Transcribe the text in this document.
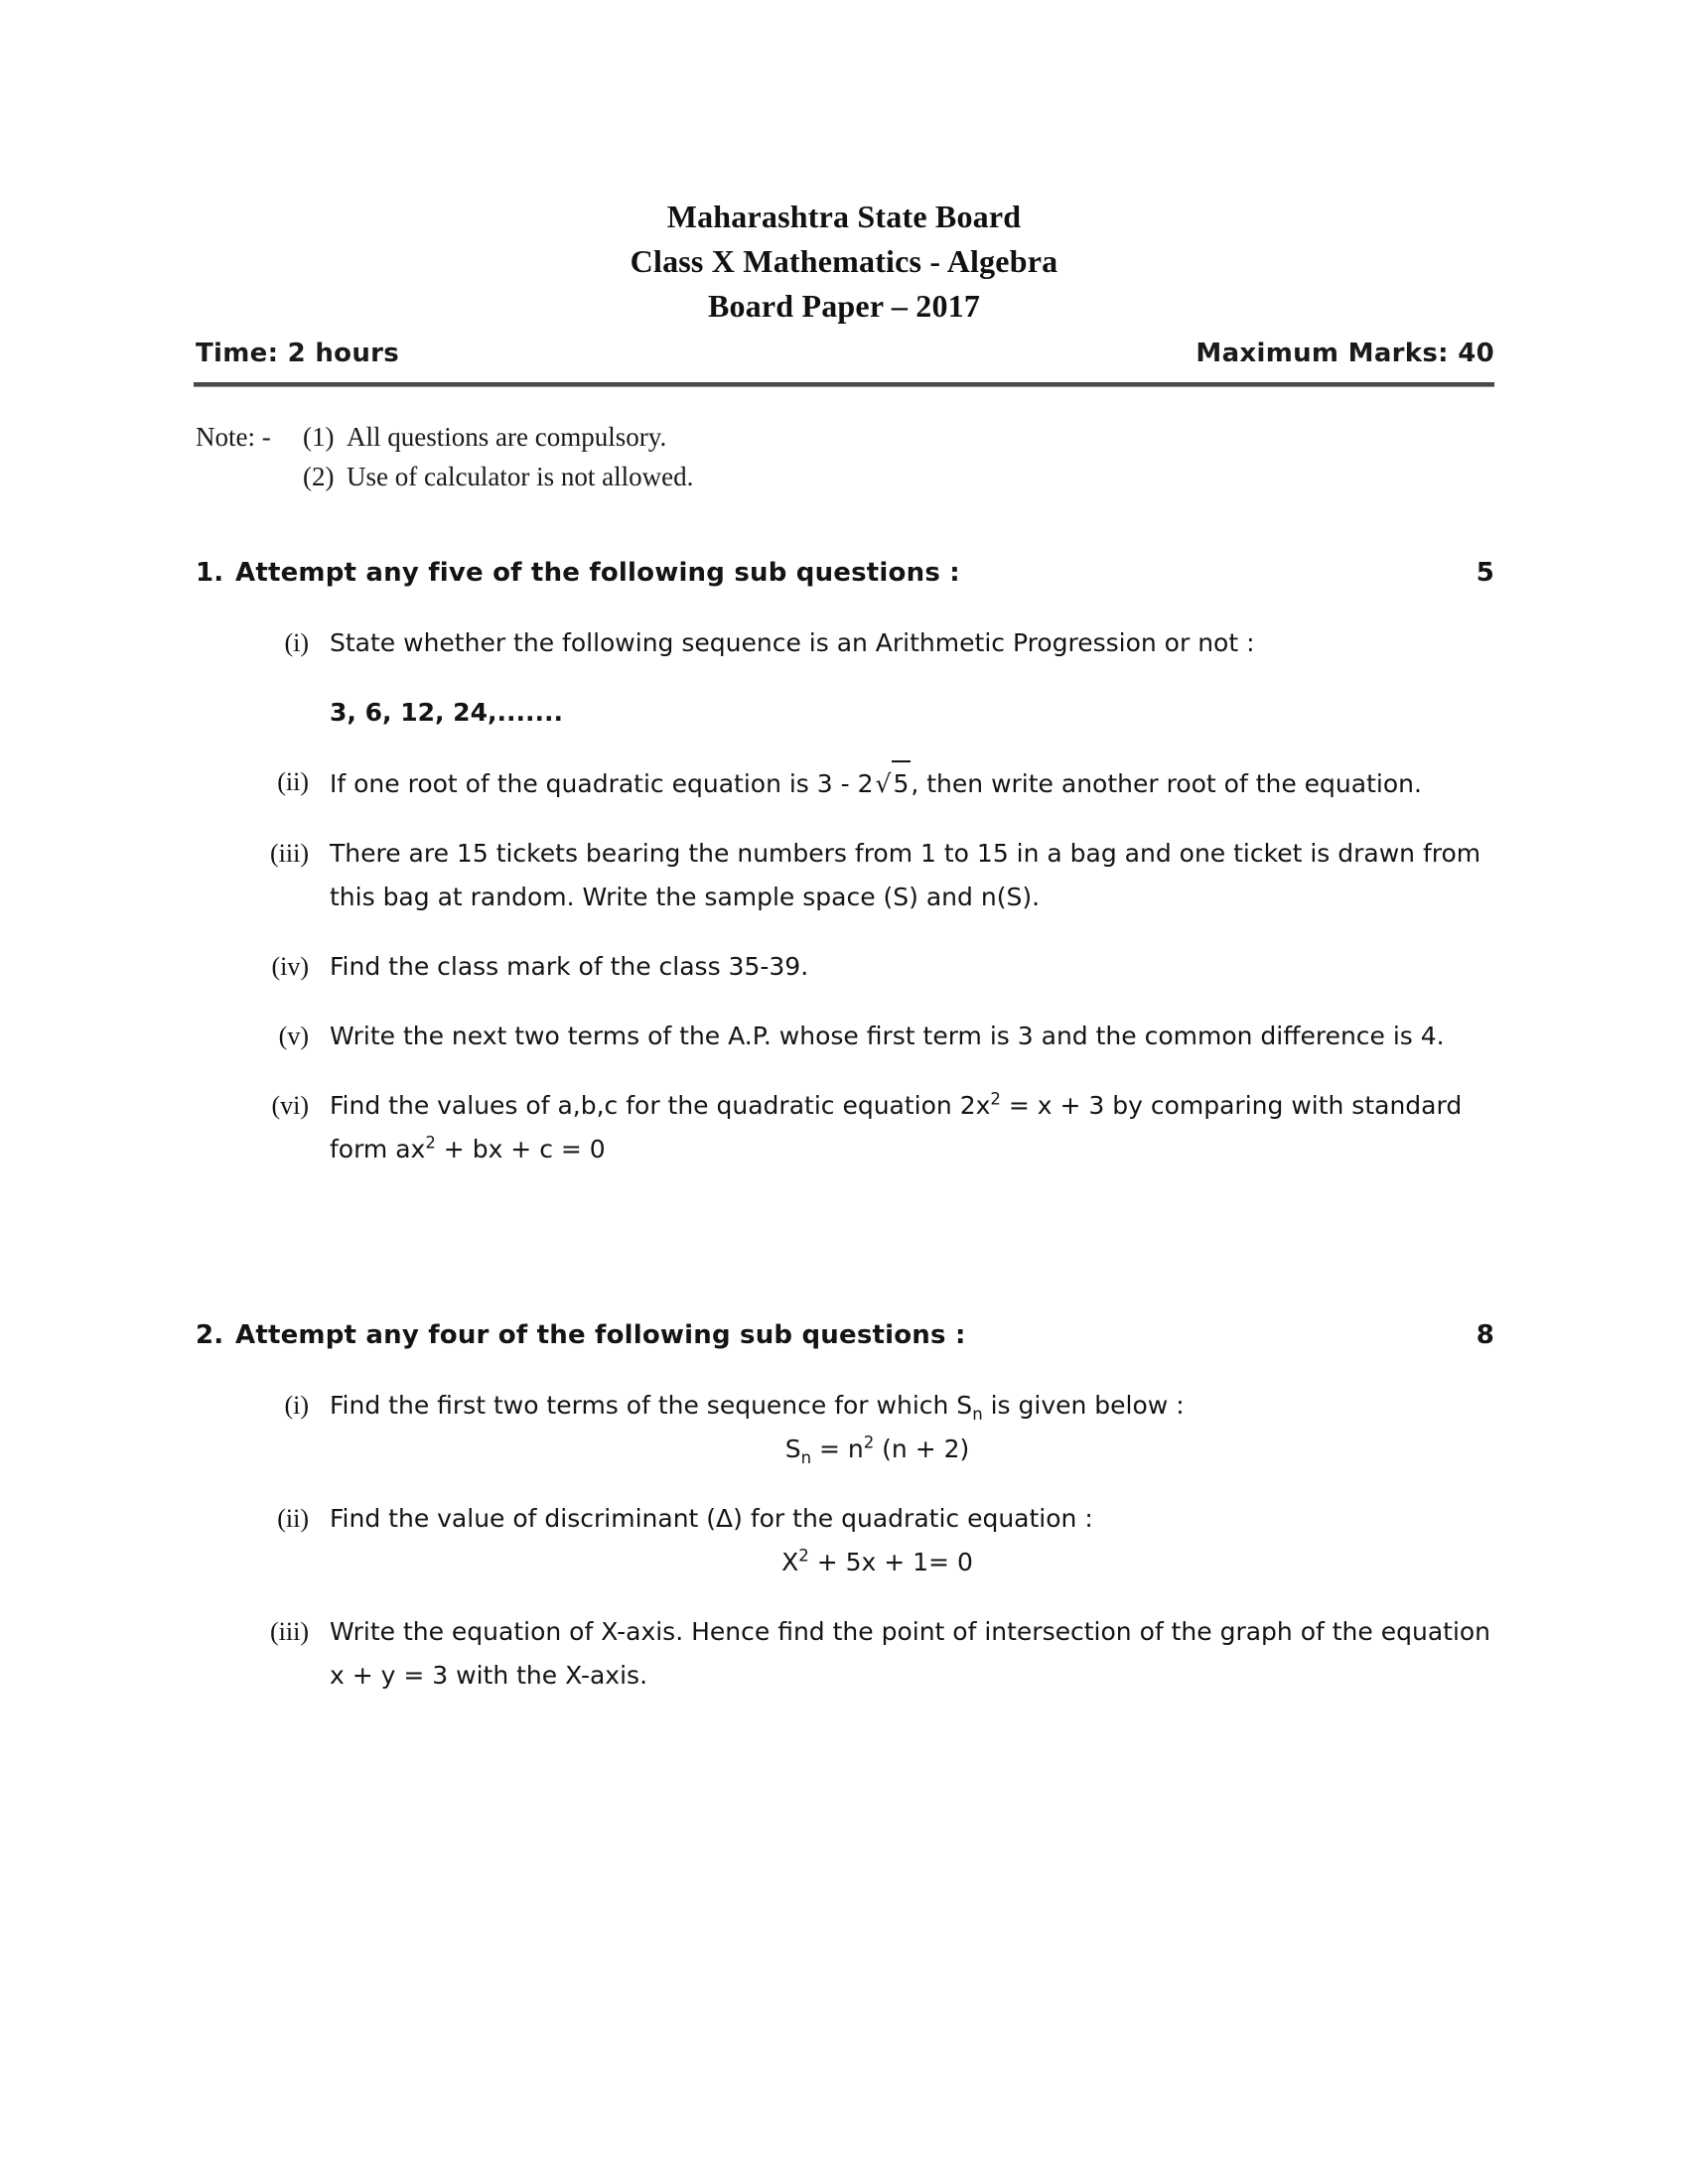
Maharashtra State Board
Class X Mathematics - Algebra
Board Paper – 2017
Time: 2 hours	Maximum Marks: 40
Note: -	(1) All questions are compulsory.
(2) Use of calculator is not allowed.
1. Attempt any five of the following sub questions :	5
(i) State whether the following sequence is an Arithmetic Progression or not :
3, 6, 12, 24,.......
(ii) If one root of the quadratic equation is 3 - 2√5, then write another root of the equation.
(iii) There are 15 tickets bearing the numbers from 1 to 15 in a bag and one ticket is drawn from this bag at random. Write the sample space (S) and n(S).
(iv) Find the class mark of the class 35-39.
(v) Write the next two terms of the A.P. whose first term is 3 and the common difference is 4.
(vi) Find the values of a,b,c for the quadratic equation $2x^2 = x + 3$ by comparing with standard form $ax^2$ + bx + c = 0
2. Attempt any four of the following sub questions :	8
(i) Find the first two terms of the sequence for which $S_n$ is given below :
$S_n = n^2$ (n + 2)
(ii) Find the value of discriminant (Δ) for the quadratic equation :
$X^2 + 5x + 1= 0$
(iii) Write the equation of X-axis. Hence find the point of intersection of the graph of the equation x + y = 3 with the X-axis.
